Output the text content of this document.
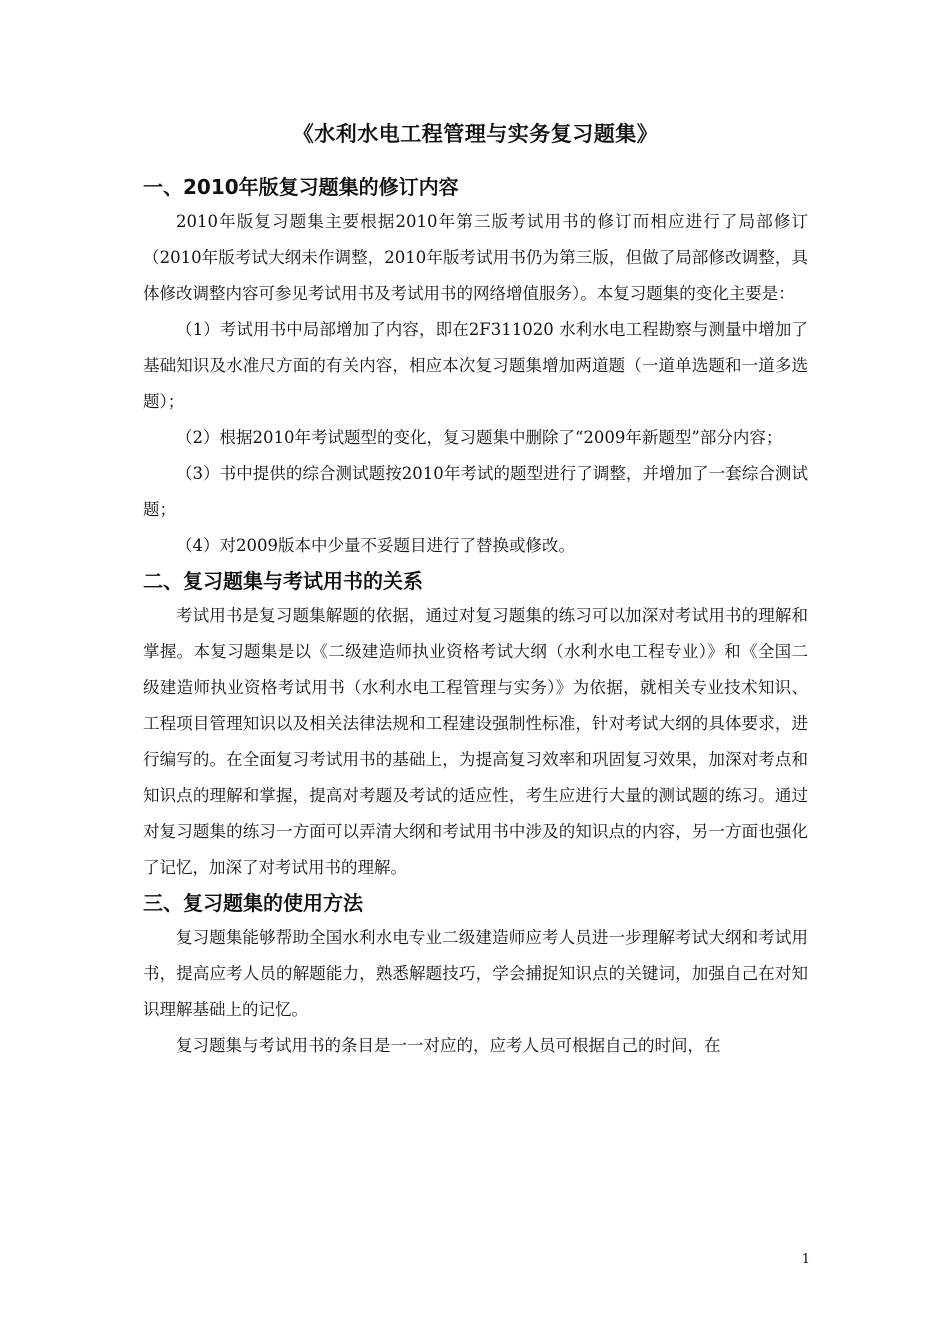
《水利水电工程管理与实务复习题集》
一、2010年版复习题集的修订内容

2010年版复习题集主要根据2010年第三版考试用书的修订而相应进行了局部修订（2010年版考试大纲未作调整，2010年版考试用书仍为第三版，但做了局部修改调整，具体修改调整内容可参见考试用书及考试用书的网络增值服务）。本复习题集的变化主要是：

（1）考试用书中局部增加了内容，即在2F311020 水利水电工程勘察与测量中增加了基础知识及水准尺方面的有关内容，相应本次复习题集增加两道题（一道单选题和一道多选题）；

（2）根据2010年考试题型的变化，复习题集中删除了“2009年新题型”部分内容；

（3）书中提供的综合测试题按2010年考试的题型进行了调整，并增加了一套综合测试题；

（4）对2009版本中少量不妥题目进行了替换或修改。

二、复习题集与考试用书的关系

考试用书是复习题集解题的依据，通过对复习题集的练习可以加深对考试用书的理解和掌握。本复习题集是以《二级建造师执业资格考试大纲（水利水电工程专业）》和《全国二级建造师执业资格考试用书（水利水电工程管理与实务）》为依据，就相关专业技术知识、工程项目管理知识以及相关法律法规和工程建设强制性标准，针对考试大纲的具体要求，进行编写的。在全面复习考试用书的基础上，为提高复习效率和巩固复习效果，加深对考点和知识点的理解和掌握，提高对考题及考试的适应性，考生应进行大量的测试题的练习。通过对复习题集的练习一方面可以弄清大纲和考试用书中涉及的知识点的内容，另一方面也强化了记忆，加深了对考试用书的理解。

三、复习题集的使用方法

复习题集能够帮助全国水利水电专业二级建造师应考人员进一步理解考试大纲和考试用书，提高应考人员的解题能力，熟悉解题技巧，学会捕捉知识点的关键词，加强自己在对知识理解基础上的记忆。

复习题集与考试用书的条目是一一对应的，应考人员可根据自己的时间，在

1
